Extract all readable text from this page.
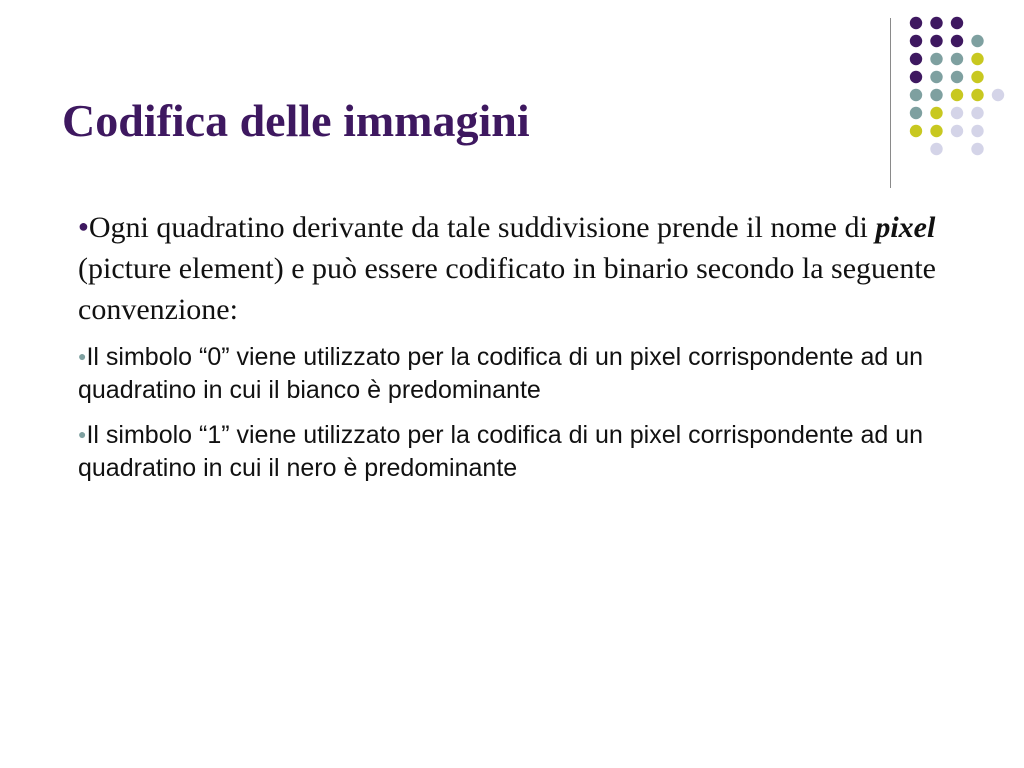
Codifica delle immagini

●Ogni quadratino derivante da tale suddivisione prende il nome di pixel (picture element) e può essere codificato in binario secondo la seguente convenzione:

●Il simbolo “0” viene utilizzato per la codifica di un pixel corrispondente ad un quadratino in cui il bianco è predominante

●Il simbolo “1” viene utilizzato per la codifica di un pixel corrispondente ad un quadratino in cui il nero è predominante
